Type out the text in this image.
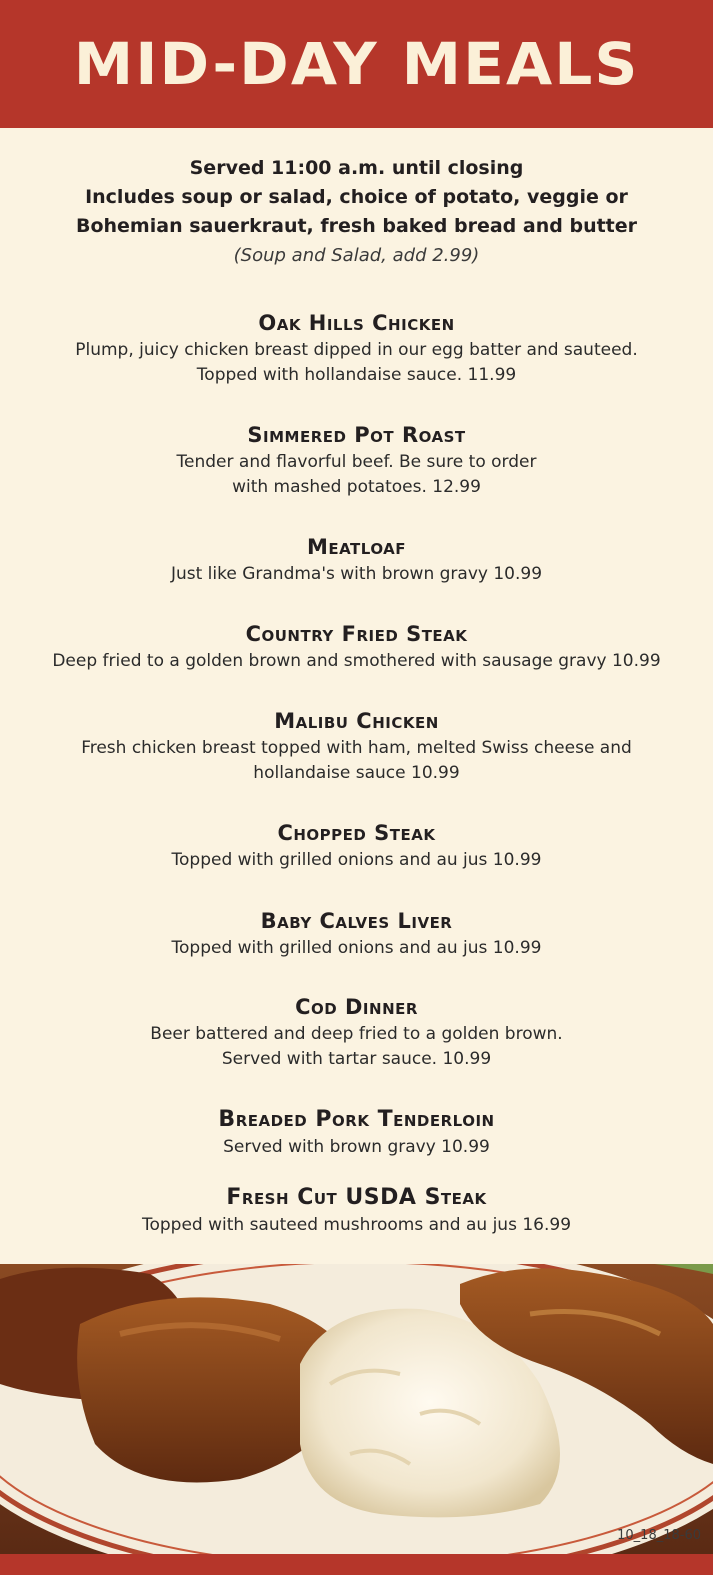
MID-DAY MEALS
Served 11:00 a.m. until closing
Includes soup or salad, choice of potato, veggie or
Bohemian sauerkraut, fresh baked bread and butter
(Soup and Salad, add 2.99)
Oak Hills Chicken
Plump, juicy chicken breast dipped in our egg batter and sauteed.
Topped with hollandaise sauce. 11.99
Simmered Pot Roast
Tender and flavorful beef. Be sure to order
with mashed potatoes. 12.99
Meatloaf
Just like Grandma's with brown gravy 10.99
Country Fried Steak
Deep fried to a golden brown and smothered with sausage gravy 10.99
Malibu Chicken
Fresh chicken breast topped with ham, melted Swiss cheese and
hollandaise sauce 10.99
Chopped Steak
Topped with grilled onions and au jus 10.99
Baby Calves Liver
Topped with grilled onions and au jus 10.99
Cod Dinner
Beer battered and deep fried to a golden brown.
Served with tartar sauce. 10.99
Breaded Pork Tenderloin
Served with brown gravy 10.99
Fresh Cut USDA Steak
Topped with sauteed mushrooms and au jus 16.99
10_18_18-60
